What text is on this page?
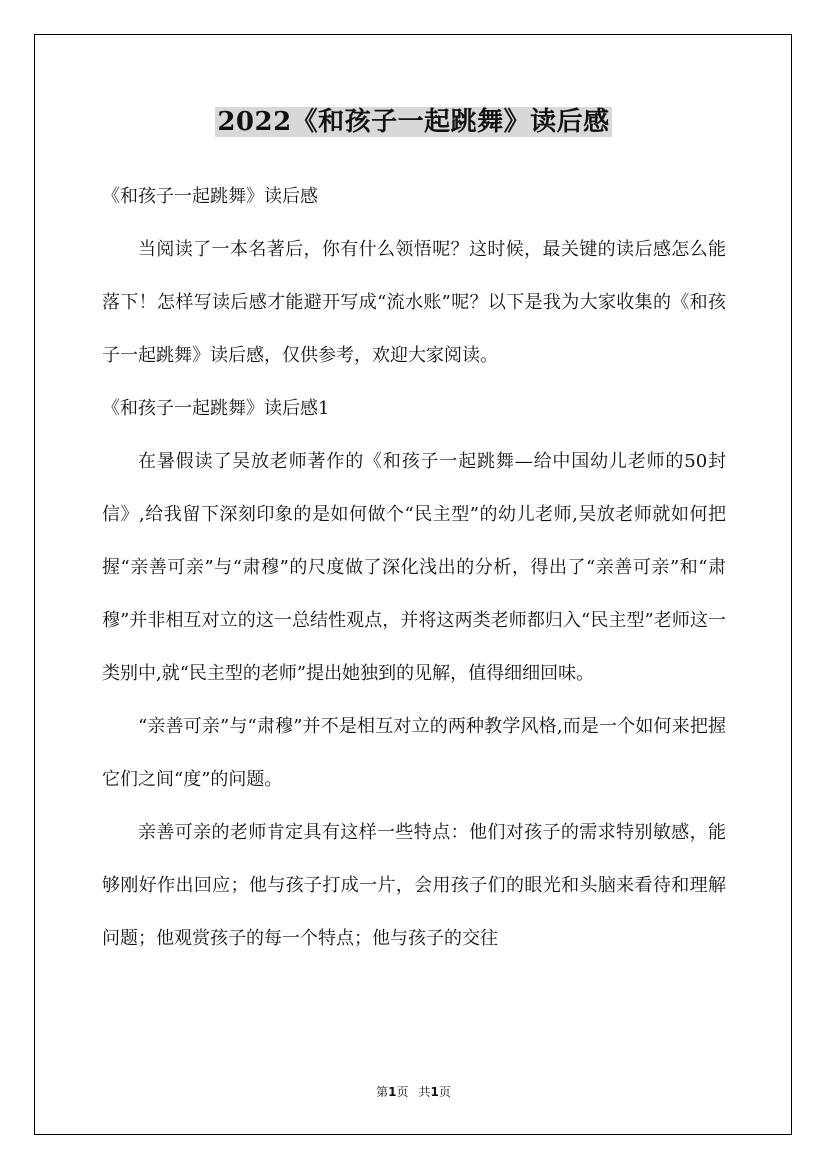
2022《和孩子一起跳舞》读后感

《和孩子一起跳舞》读后感

当阅读了一本名著后，你有什么领悟呢？这时候，最关键的读后感怎么能落下！怎样写读后感才能避开写成“流水账”呢？以下是我为大家收集的《和孩子一起跳舞》读后感，仅供参考，欢迎大家阅读。

《和孩子一起跳舞》读后感1

在暑假读了吴放老师著作的《和孩子一起跳舞—给中国幼儿老师的50封信》,给我留下深刻印象的是如何做个“民主型”的幼儿老师,吴放老师就如何把握“亲善可亲”与“肃穆”的尺度做了深化浅出的分析，得出了“亲善可亲”和“肃穆”并非相互对立的这一总结性观点，并将这两类老师都归入“民主型”老师这一类别中,就“民主型的老师”提出她独到的见解，值得细细回味。

“亲善可亲”与“肃穆”并不是相互对立的两种教学风格,而是一个如何来把握它们之间“度”的问题。

亲善可亲的老师肯定具有这样一些特点：他们对孩子的需求特别敏感，能够刚好作出回应；他与孩子打成一片，会用孩子们的眼光和头脑来看待和理解问题；他观赏孩子的每一个特点；他与孩子的交往

第1页 共1页
